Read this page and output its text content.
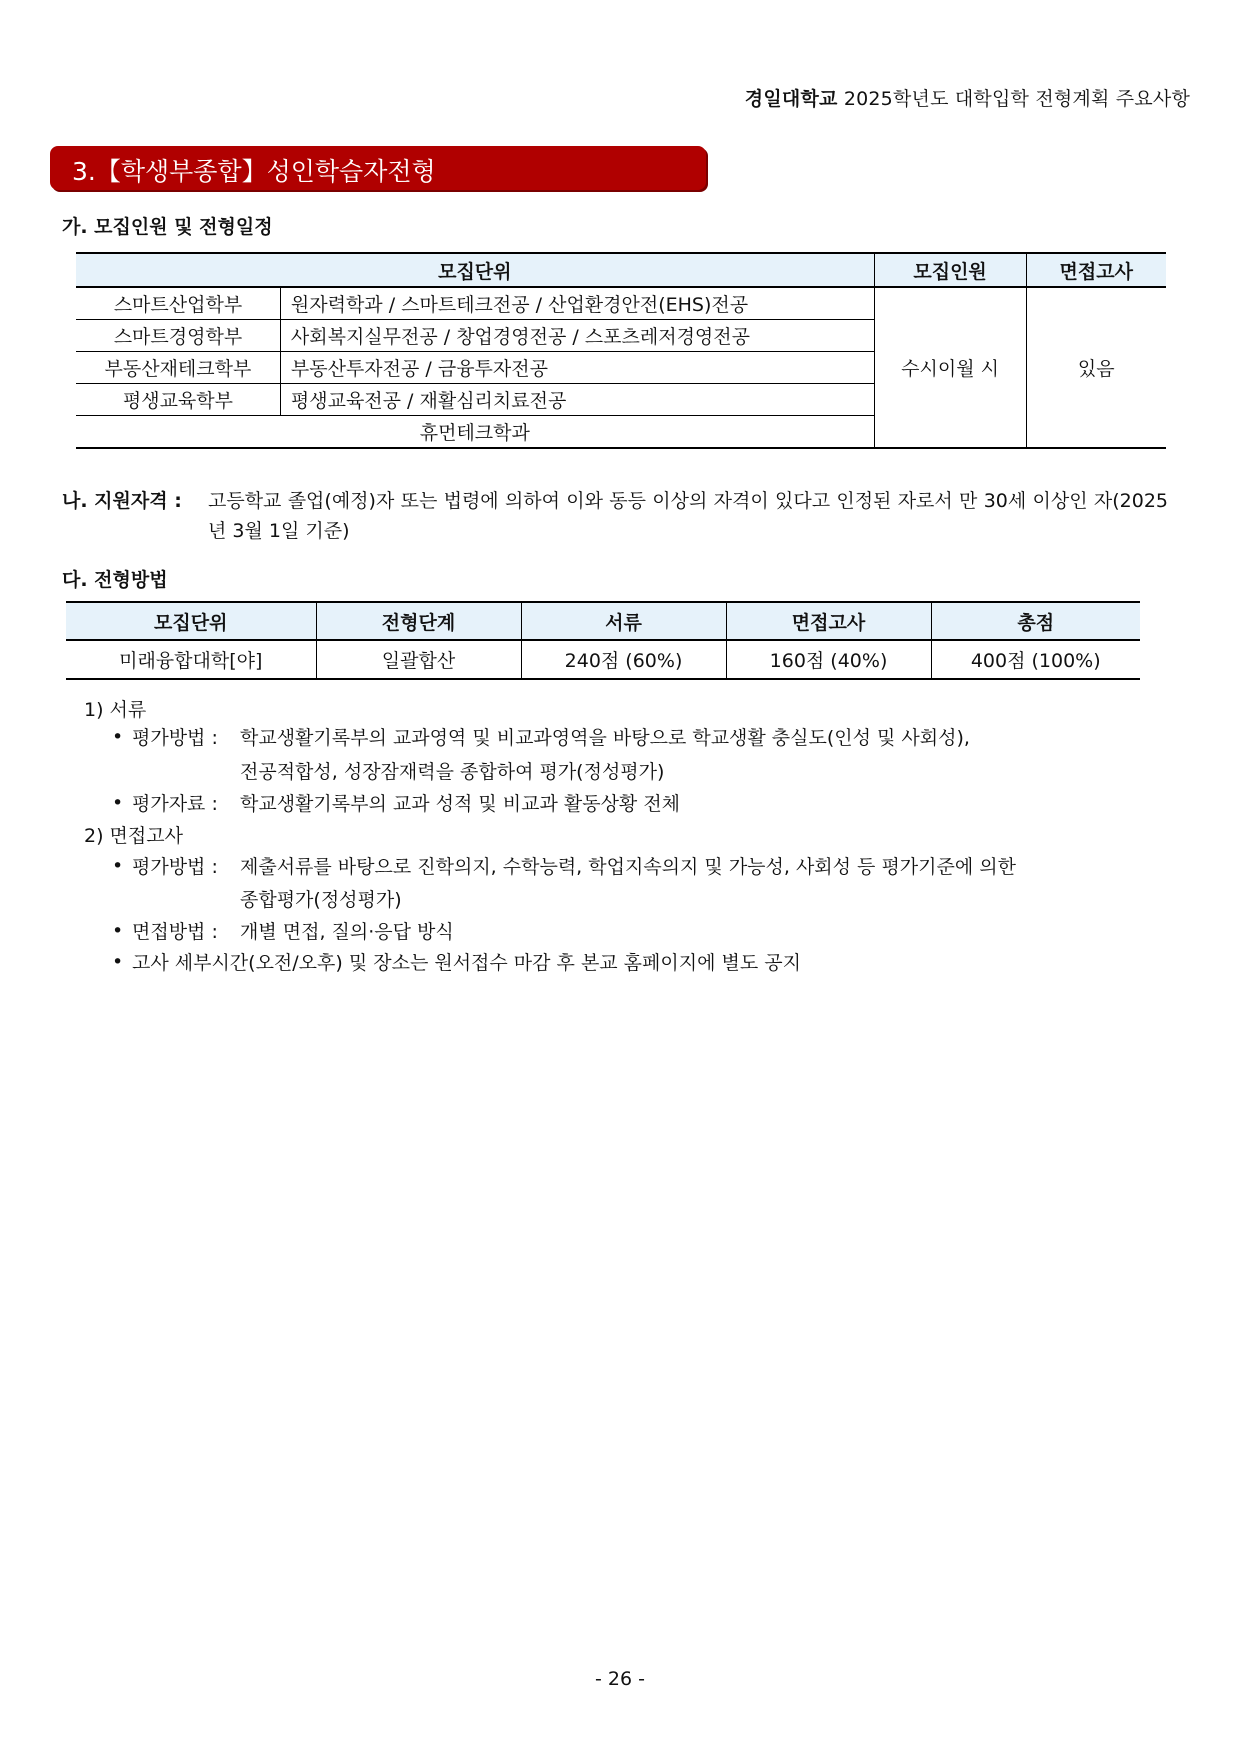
경일대학교 2025학년도 대학입학 전형계획 주요사항
3.【학생부종합】성인학습자전형
가. 모집인원 및 전형일정
모집단위		모집인원	면접고사
스마트산업학부	원자력학과 / 스마트테크전공 / 산업환경안전(EHS)전공	수시이월 시	있음
스마트경영학부	사회복지실무전공 / 창업경영전공 / 스포츠레저경영전공		
부동산재테크학부	부동산투자전공 / 금융투자전공		
평생교육학부	평생교육전공 / 재활심리치료전공		
휴먼테크학과			
나. 지원자격 : 고등학교 졸업(예정)자 또는 법령에 의하여 이와 동등 이상의 자격이 있다고 인정된 자로서 만 30세 이상인 자(2025년 3월 1일 기준)
다. 전형방법
모집단위	전형단계	서류	면접고사	총점
미래융합대학[야]	일괄합산	240점 (60%)	160점 (40%)	400점 (100%)
1) 서류
• 평가방법 : 학교생활기록부의 교과영역 및 비교과영역을 바탕으로 학교생활 충실도(인성 및 사회성),
전공적합성, 성장잠재력을 종합하여 평가(정성평가)
• 평가자료 : 학교생활기록부의 교과 성적 및 비교과 활동상황 전체
2) 면접고사
• 평가방법 : 제출서류를 바탕으로 진학의지, 수학능력, 학업지속의지 및 가능성, 사회성 등 평가기준에 의한
종합평가(정성평가)
• 면접방법 : 개별 면접, 질의·응답 방식
• 고사 세부시간(오전/오후) 및 장소는 원서접수 마감 후 본교 홈페이지에 별도 공지
- 26 -
